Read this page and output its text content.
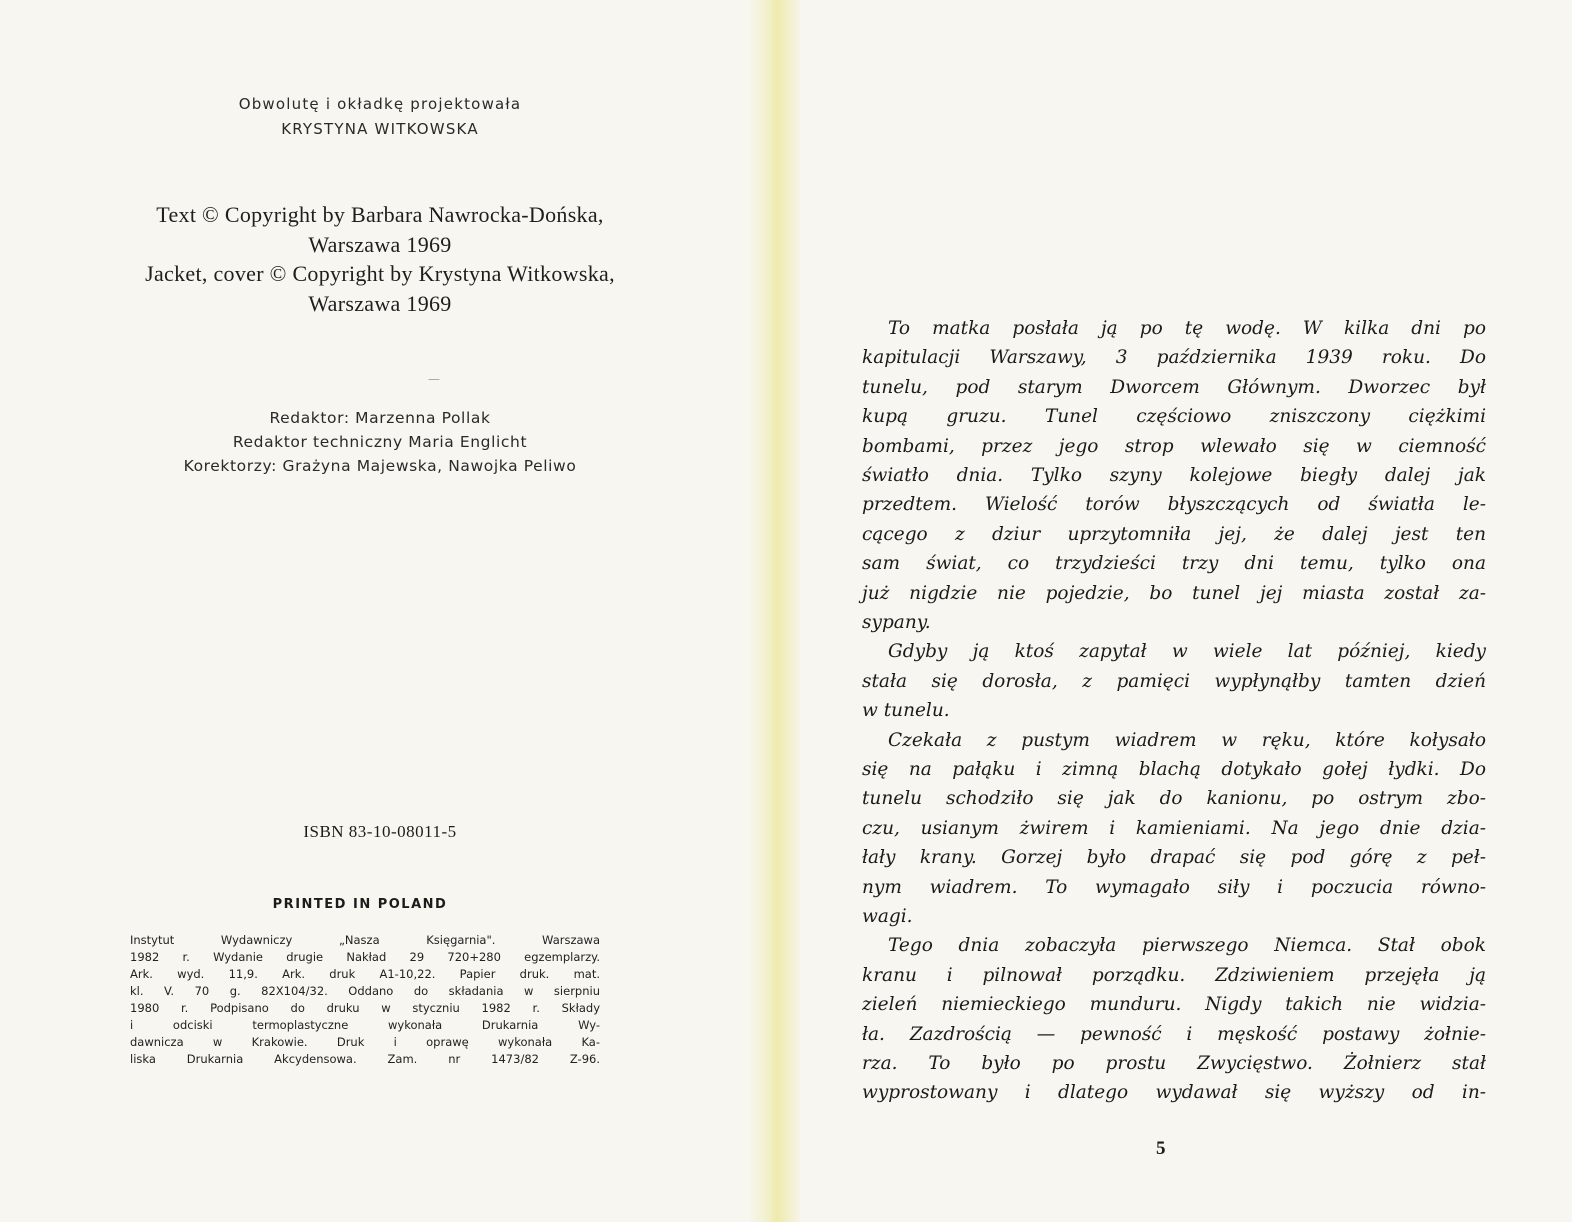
Obwolutę i okładkę projektowała
KRYSTYNA WITKOWSKA
Text © Copyright by Barbara Nawrocka-Dońska,
Warszawa 1969
Jacket, cover © Copyright by Krystyna Witkowska,
Warszawa 1969
—
Redaktor: Marzenna Pollak
Redaktor techniczny Maria Englicht
Korektorzy: Grażyna Majewska, Nawojka Peliwo
ISBN 83-10-08011-5
PRINTED IN POLAND
Instytut Wydawniczy „Nasza Księgarnia". Warszawa
1982 r. Wydanie drugie Nakład 29 720+280 egzemplarzy.
Ark. wyd. 11,9. Ark. druk A1-10,22. Papier druk. mat.
kl. V. 70 g. 82X104/32. Oddano do składania w sierpniu
1980 r. Podpisano do druku w styczniu 1982 r. Składy
i odciski termoplastyczne wykonała Drukarnia Wy-
dawnicza w Krakowie. Druk i oprawę wykonała Ka-
liska Drukarnia Akcydensowa. Zam. nr 1473/82 Z-96.
To matka posłała ją po tę wodę. W kilka dni po
kapitulacji Warszawy, 3 października 1939 roku. Do
tunelu, pod starym Dworcem Głównym. Dworzec był
kupą gruzu. Tunel częściowo zniszczony ciężkimi
bombami, przez jego strop wlewało się w ciemność
światło dnia. Tylko szyny kolejowe biegły dalej jak
przedtem. Wielość torów błyszczących od światła le-
cącego z dziur uprzytomniła jej, że dalej jest ten
sam świat, co trzydzieści trzy dni temu, tylko ona
już nigdzie nie pojedzie, bo tunel jej miasta został za-
sypany.
Gdyby ją ktoś zapytał w wiele lat później, kiedy
stała się dorosła, z pamięci wypłynąłby tamten dzień
w tunelu.
Czekała z pustym wiadrem w ręku, które kołysało
się na pałąku i zimną blachą dotykało gołej łydki. Do
tunelu schodziło się jak do kanionu, po ostrym zbo-
czu, usianym żwirem i kamieniami. Na jego dnie dzia-
łały krany. Gorzej było drapać się pod górę z peł-
nym wiadrem. To wymagało siły i poczucia równo-
wagi.
Tego dnia zobaczyła pierwszego Niemca. Stał obok
kranu i pilnował porządku. Zdziwieniem przejęła ją
zieleń niemieckiego munduru. Nigdy takich nie widzia-
ła. Zazdrością — pewność i męskość postawy żołnie-
rza. To było po prostu Zwycięstwo. Żołnierz stał
wyprostowany i dlatego wydawał się wyższy od in-
5
